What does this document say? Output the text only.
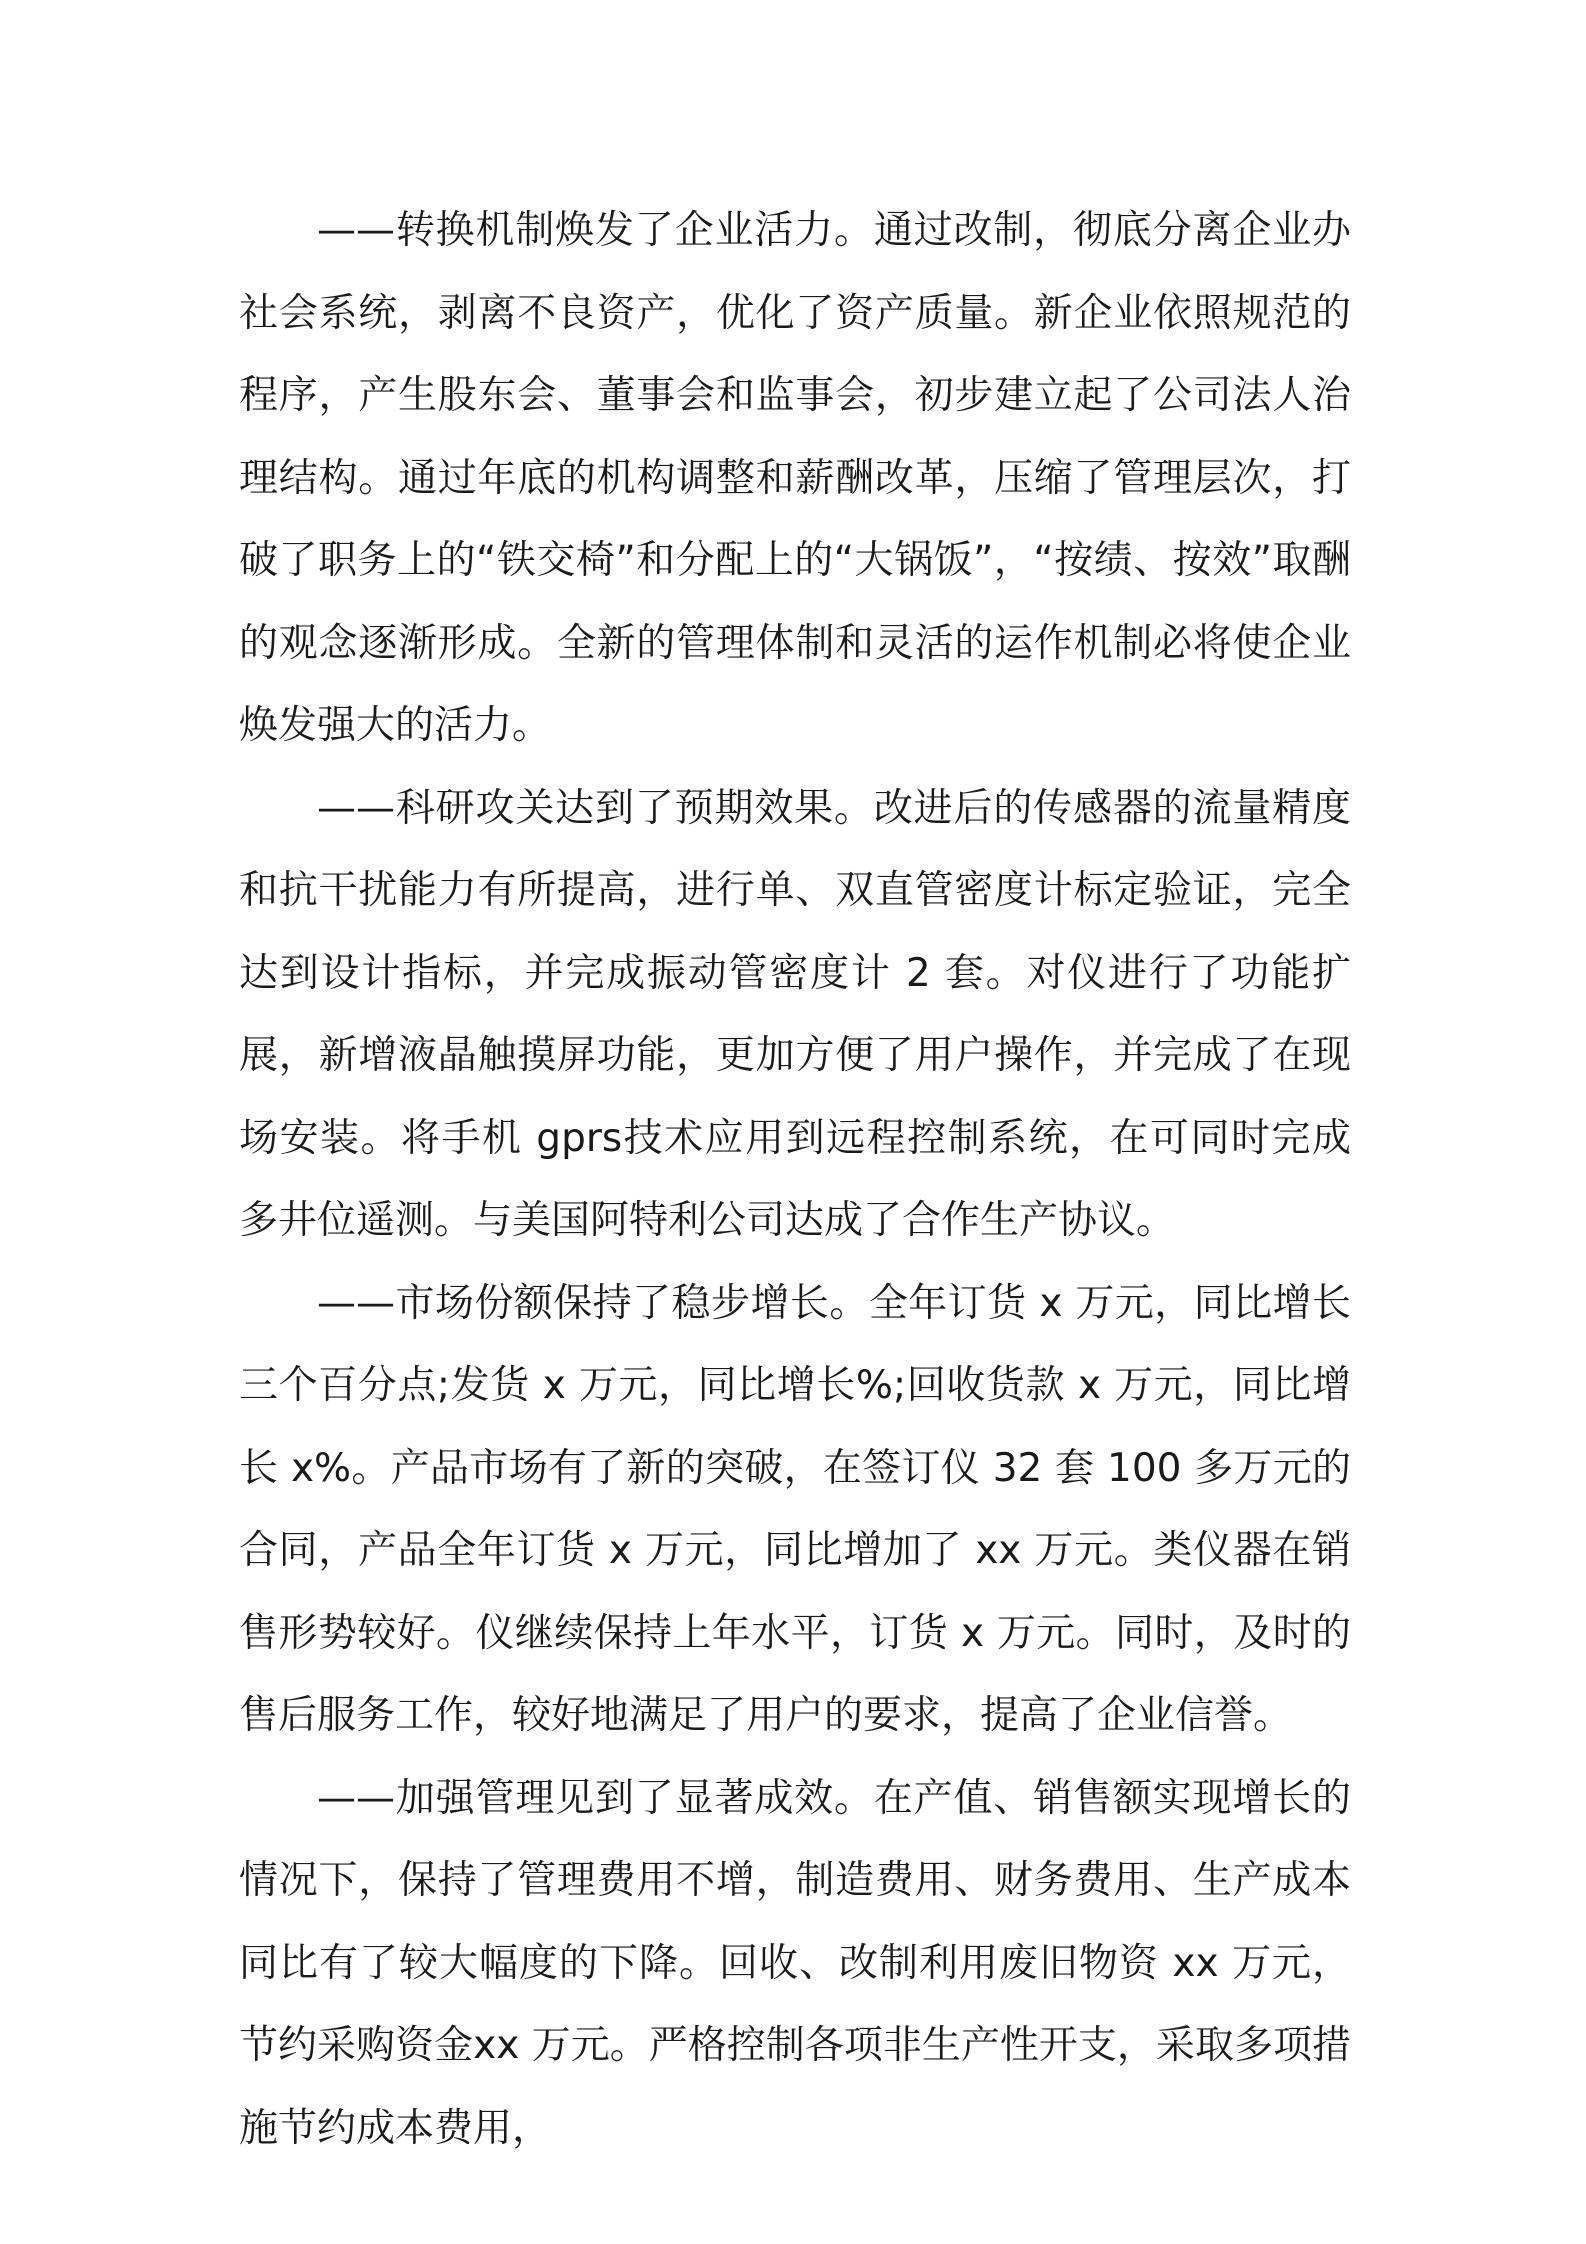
——转换机制焕发了企业活力。通过改制，彻底分离企业办社会系统，剥离不良资产，优化了资产质量。新企业依照规范的程序，产生股东会、董事会和监事会，初步建立起了公司法人治理结构。通过年底的机构调整和薪酬改革，压缩了管理层次，打破了职务上的“铁交椅”和分配上的“大锅饭”，“按绩、按效”取酬的观念逐渐形成。全新的管理体制和灵活的运作机制必将使企业焕发强大的活力。

——科研攻关达到了预期效果。改进后的传感器的流量精度和抗干扰能力有所提高，进行单、双直管密度计标定验证，完全达到设计指标，并完成振动管密度计 2 套。对仪进行了功能扩展，新增液晶触摸屏功能，更加方便了用户操作，并完成了在现场安装。将手机 gprs技术应用到远程控制系统，在可同时完成多井位遥测。与美国阿特利公司达成了合作生产协议。

——市场份额保持了稳步增长。全年订货 x 万元，同比增长三个百分点;发货 x 万元，同比增长%;回收货款 x 万元，同比增长 x%。产品市场有了新的突破，在签订仪 32 套 100 多万元的合同，产品全年订货 x 万元，同比增加了 xx 万元。类仪器在销售形势较好。仪继续保持上年水平，订货 x 万元。同时，及时的售后服务工作，较好地满足了用户的要求，提高了企业信誉。

——加强管理见到了显著成效。在产值、销售额实现增长的情况下，保持了管理费用不增，制造费用、财务费用、生产成本同比有了较大幅度的下降。回收、改制利用废旧物资 xx 万元，节约采购资金xx 万元。严格控制各项非生产性开支，采取多项措施节约成本费用，
